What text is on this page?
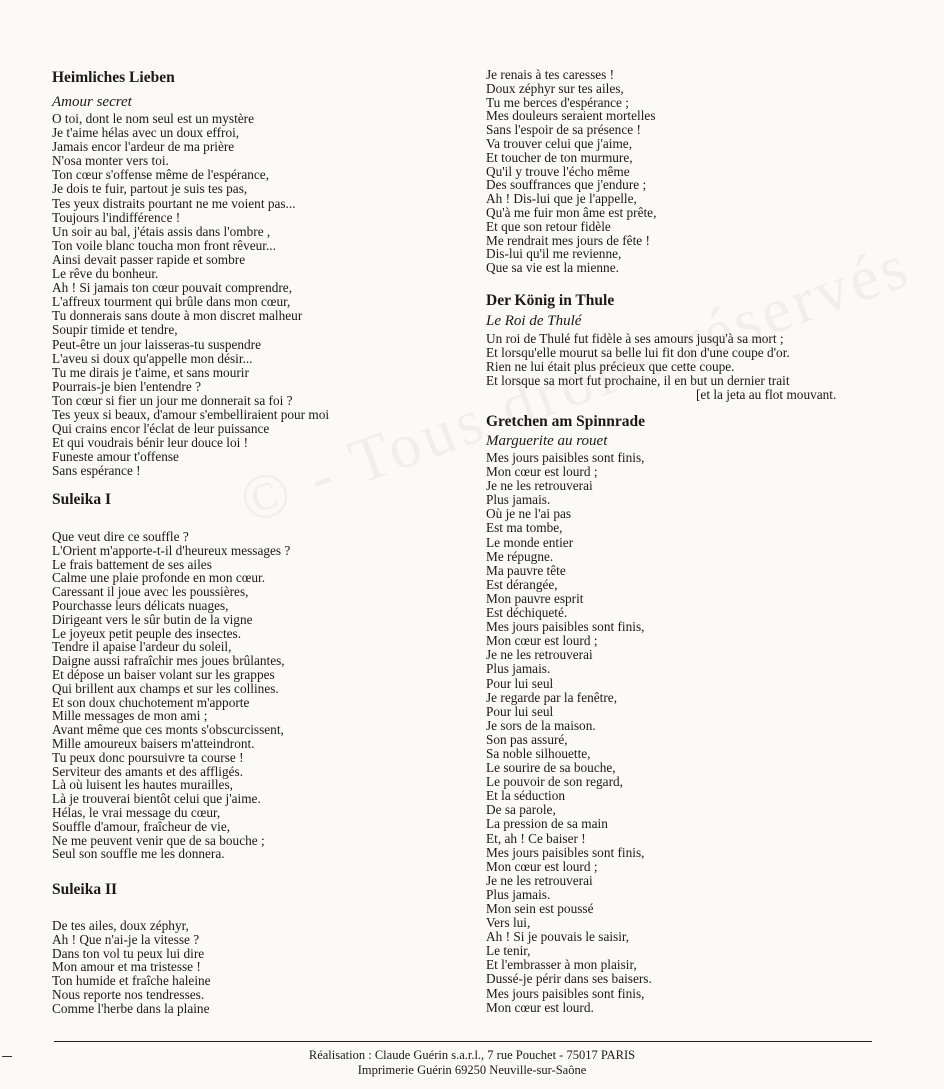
Heimliches Lieben
Amour secret
O toi, dont le nom seul est un mystère
Je t'aime hélas avec un doux effroi,
Jamais encor l'ardeur de ma prière
N'osa monter vers toi.
Ton cœur s'offense même de l'espérance,
Je dois te fuir, partout je suis tes pas,
Tes yeux distraits pourtant ne me voient pas...
Toujours l'indifférence !
Un soir au bal, j'étais assis dans l'ombre ,
Ton voile blanc toucha mon front rêveur...
Ainsi devait passer rapide et sombre
Le rêve du bonheur.
Ah ! Si jamais ton cœur pouvait comprendre,
L'affreux tourment qui brûle dans mon cœur,
Tu donnerais sans doute à mon discret malheur
Soupir timide et tendre,
Peut-être un jour laisseras-tu suspendre
L'aveu si doux qu'appelle mon désir...
Tu me dirais je t'aime, et sans mourir
Pourrais-je bien l'entendre ?
Ton cœur si fier un jour me donnerait sa foi ?
Tes yeux si beaux, d'amour s'embelliraient pour moi
Qui crains encor l'éclat de leur puissance
Et qui voudrais bénir leur douce loi !
Funeste amour t'offense
Sans espérance !
Suleika I
Que veut dire ce souffle ?
L'Orient m'apporte-t-il d'heureux messages ?
Le frais battement de ses ailes
Calme une plaie profonde en mon cœur.
Caressant il joue avec les poussières,
Pourchasse leurs délicats nuages,
Dirigeant vers le sûr butin de la vigne
Le joyeux petit peuple des insectes.
Tendre il apaise l'ardeur du soleil,
Daigne aussi rafraîchir mes joues brûlantes,
Et dépose un baiser volant sur les grappes
Qui brillent aux champs et sur les collines.
Et son doux chuchotement m'apporte
Mille messages de mon ami ;
Avant même que ces monts s'obscurcissent,
Mille amoureux baisers m'atteindront.
Tu peux donc poursuivre ta course !
Serviteur des amants et des affligés.
Là où luisent les hautes murailles,
Là je trouverai bientôt celui que j'aime.
Hélas, le vrai message du cœur,
Souffle d'amour, fraîcheur de vie,
Ne me peuvent venir que de sa bouche ;
Seul son souffle me les donnera.
Suleika II
De tes ailes, doux zéphyr,
Ah ! Que n'ai-je la vitesse ?
Dans ton vol tu peux lui dire
Mon amour et ma tristesse !
Ton humide et fraîche haleine
Nous reporte nos tendresses.
Comme l'herbe dans la plaine
Je renais à tes caresses !
Doux zéphyr sur tes ailes,
Tu me berces d'espérance ;
Mes douleurs seraient mortelles
Sans l'espoir de sa présence !
Va trouver celui que j'aime,
Et toucher de ton murmure,
Qu'il y trouve l'écho même
Des souffrances que j'endure ;
Ah ! Dis-lui que je l'appelle,
Qu'à me fuir mon âme est prête,
Et que son retour fidèle
Me rendrait mes jours de fête !
Dis-lui qu'il me revienne,
Que sa vie est la mienne.
Der König in Thule
Le Roi de Thulé
Un roi de Thulé fut fidèle à ses amours jusqu'à sa mort ;
Et lorsqu'elle mourut sa belle lui fit don d'une coupe d'or.
Rien ne lui était plus précieux que cette coupe.
Et lorsque sa mort fut prochaine, il en but un dernier trait
[et la jeta au flot mouvant.
Gretchen am Spinnrade
Marguerite au rouet
Mes jours paisibles sont finis,
Mon cœur est lourd ;
Je ne les retrouverai
Plus jamais.
Où je ne l'ai pas
Est ma tombe,
Le monde entier
Me répugne.
Ma pauvre tête
Est dérangée,
Mon pauvre esprit
Est déchiqueté.
Mes jours paisibles sont finis,
Mon cœur est lourd ;
Je ne les retrouverai
Plus jamais.
Pour lui seul
Je regarde par la fenêtre,
Pour lui seul
Je sors de la maison.
Son pas assuré,
Sa noble silhouette,
Le sourire de sa bouche,
Le pouvoir de son regard,
Et la séduction
De sa parole,
La pression de sa main
Et, ah ! Ce baiser !
Mes jours paisibles sont finis,
Mon cœur est lourd ;
Je ne les retrouverai
Plus jamais.
Mon sein est poussé
Vers lui,
Ah ! Si je pouvais le saisir,
Le tenir,
Et l'embrasser à mon plaisir,
Dussé-je périr dans ses baisers.
Mes jours paisibles sont finis,
Mon cœur est lourd.
Réalisation : Claude Guérin s.a.r.l., 7 rue Pouchet - 75017 PARIS
Imprimerie Guérin 69250 Neuville-sur-Saône
